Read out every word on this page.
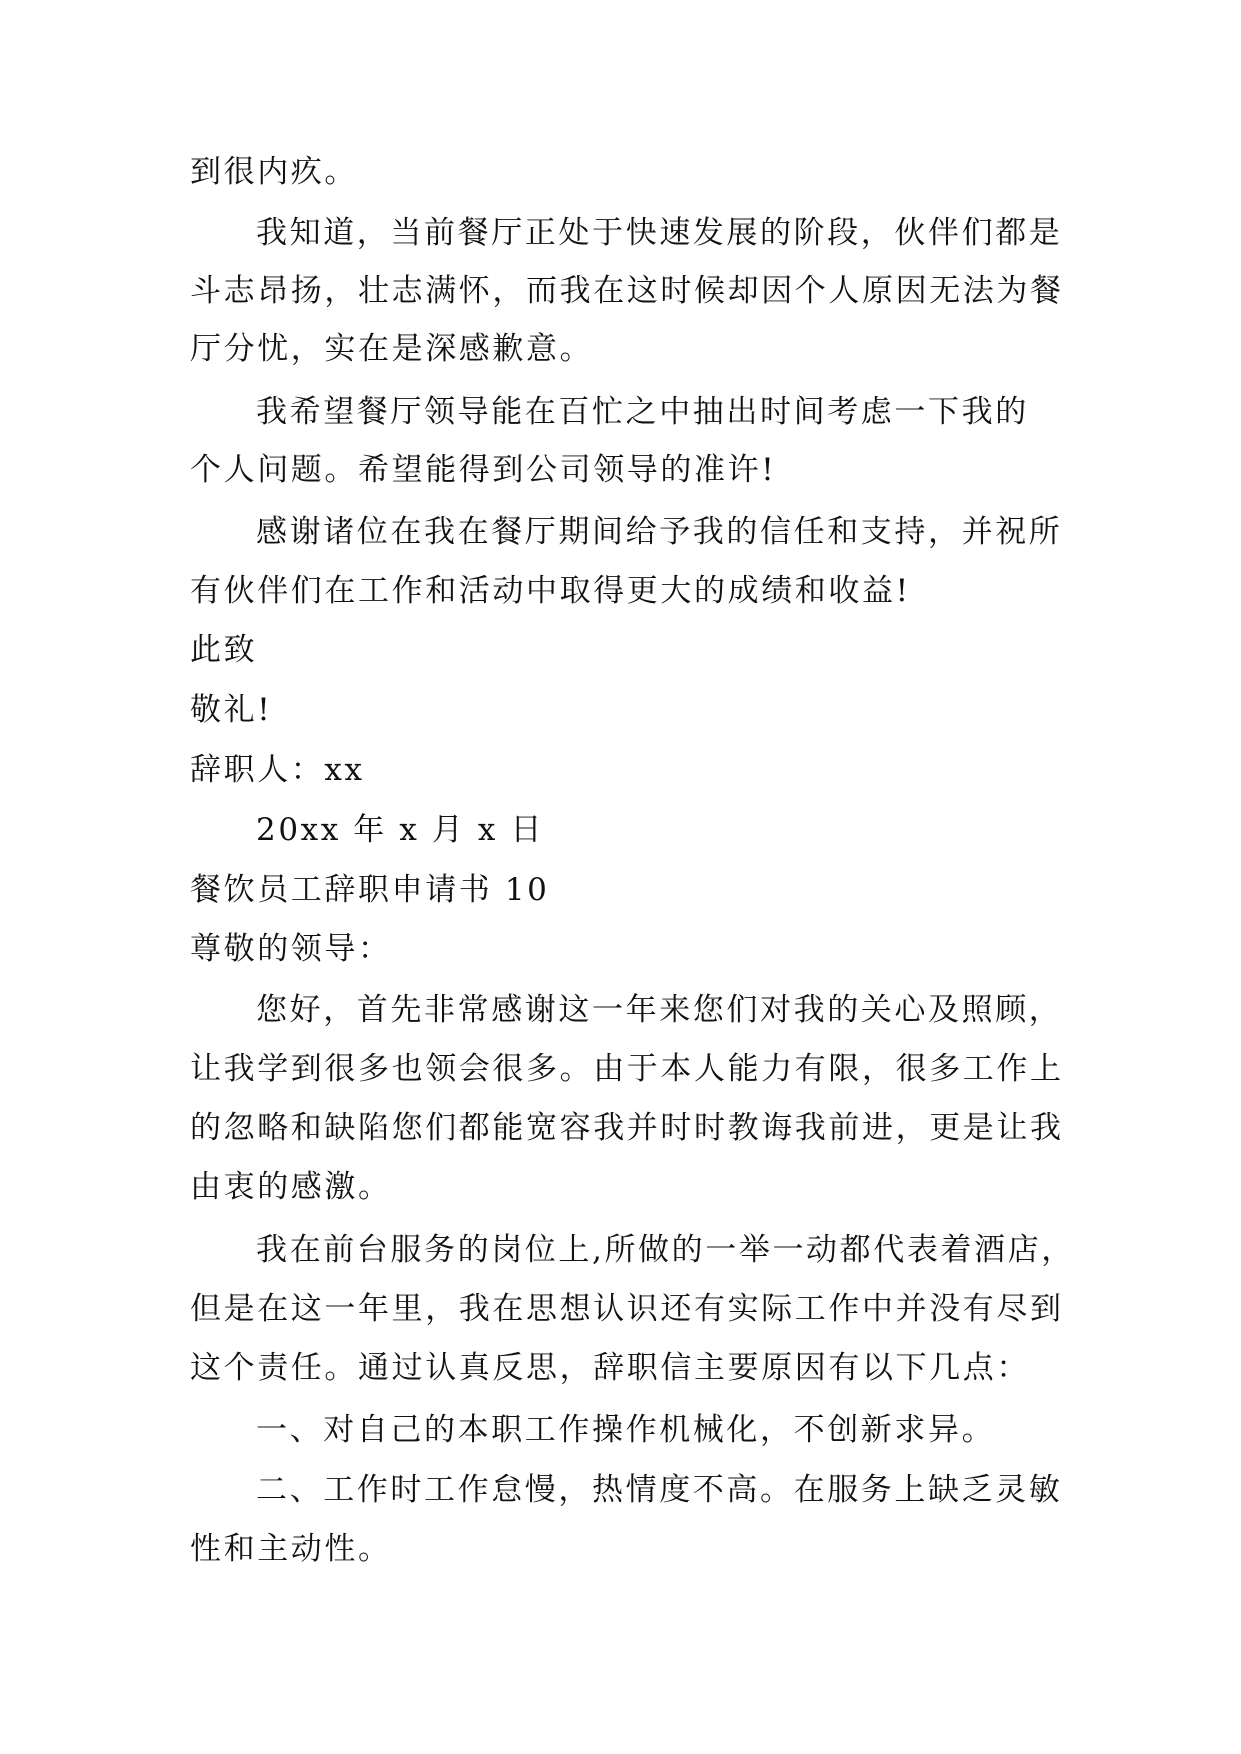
到很内疚。
我知道，当前餐厅正处于快速发展的阶段，伙伴们都是
斗志昂扬，壮志满怀，而我在这时候却因个人原因无法为餐
厅分忧，实在是深感歉意。
我希望餐厅领导能在百忙之中抽出时间考虑一下我的
个人问题。希望能得到公司领导的准许!
感谢诸位在我在餐厅期间给予我的信任和支持，并祝所
有伙伴们在工作和活动中取得更大的成绩和收益!
此致
敬礼!
辞职人：xx
20xx 年 x 月 x 日
餐饮员工辞职申请书 10
尊敬的领导：
您好，首先非常感谢这一年来您们对我的关心及照顾，
让我学到很多也领会很多。由于本人能力有限，很多工作上
的忽略和缺陷您们都能宽容我并时时教诲我前进，更是让我
由衷的感激。
我在前台服务的岗位上,所做的一举一动都代表着酒店，
但是在这一年里，我在思想认识还有实际工作中并没有尽到
这个责任。通过认真反思，辞职信主要原因有以下几点：
一、对自己的本职工作操作机械化，不创新求异。
二、工作时工作怠慢，热情度不高。在服务上缺乏灵敏
性和主动性。
